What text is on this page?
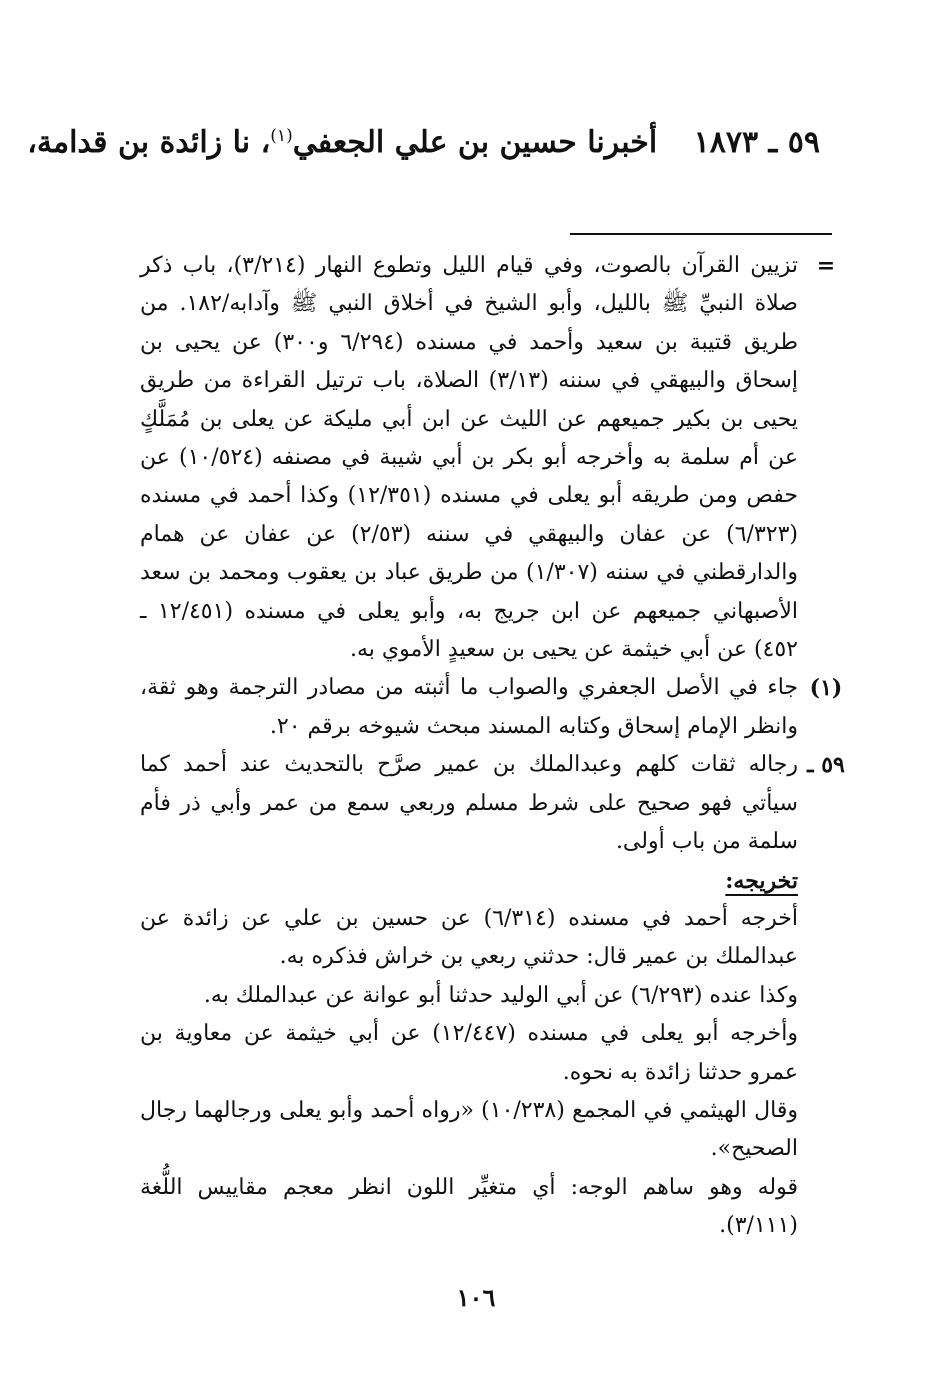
٥٩ ـ ١٨٧٣ أخبرنا حسين بن علي الجعفي$^{(١)}$، نا زائدة بن قدامة،
=

تزيين القرآن بالصوت، وفي قيام الليل وتطوع النهار (٣/٢١٤)، باب ذكر صلاة النبيِّ ﷺ بالليل، وأبو الشيخ في أخلاق النبي ﷺ وآدابه/١٨٢. من طريق قتيبة بن سعيد وأحمد في مسنده (٦/٢٩٤ و٣٠٠) عن يحيى بن إسحاق والبيهقي في سننه (٣/١٣) الصلاة، باب ترتيل القراءة من طريق يحيى بن بكير جميعهم عن الليث عن ابن أبي مليكة عن يعلى بن مُمَلَّكٍ عن أم سلمة به وأخرجه أبو بكر بن أبي شيبة في مصنفه (١٠/٥٢٤) عن حفص ومن طريقه أبو يعلى في مسنده (١٢/٣٥١) وكذا أحمد في مسنده (٦/٣٢٣) عن عفان والبيهقي في سننه (٢/٥٣) عن عفان عن همام والدارقطني في سننه (١/٣٠٧) من طريق عباد بن يعقوب ومحمد بن سعد الأصبهاني جميعهم عن ابن جريج به، وأبو يعلى في مسنده (١٢/٤٥١ ـ ٤٥٢) عن أبي خيثمة عن يحيى بن سعيدٍ الأموي به.

(١)

جاء في الأصل الجعفري والصواب ما أثبته من مصادر الترجمة وهو ثقة، وانظر الإمام إسحاق وكتابه المسند مبحث شيوخه برقم ٢٠.

٥٩ ـ

رجاله ثقات كلهم وعبدالملك بن عمير صرَّح بالتحديث عند أحمد كما سيأتي فهو صحيح على شرط مسلم وربعي سمع من عمر وأبي ذر فأم سلمة من باب أولى.

تخريجه:

أخرجه أحمد في مسنده (٦/٣١٤) عن حسين بن علي عن زائدة عن عبدالملك بن عمير قال: حدثني ربعي بن خراش فذكره به.

وكذا عنده (٦/٢٩٣) عن أبي الوليد حدثنا أبو عوانة عن عبدالملك به.

وأخرجه أبو يعلى في مسنده (١٢/٤٤٧) عن أبي خيثمة عن معاوية بن عمرو حدثنا زائدة به نحوه.

وقال الهيثمي في المجمع (١٠/٢٣٨) «رواه أحمد وأبو يعلى ورجالهما رجال الصحيح».

قوله وهو ساهم الوجه: أي متغيِّر اللون انظر معجم مقاييس اللُّغة (٣/١١١).

١٠٦
